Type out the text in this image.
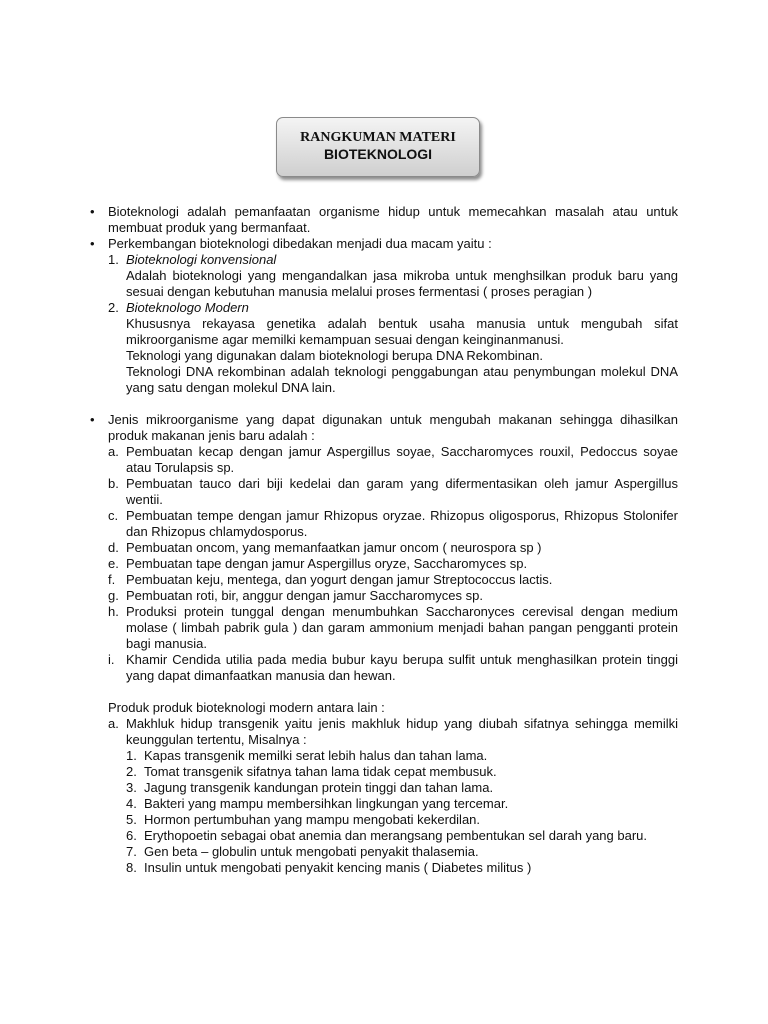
RANGKUMAN MATERI
BIOTEKNOLOGI
• Bioteknologi adalah pemanfaatan organisme hidup untuk memecahkan masalah atau untuk membuat produk yang bermanfaat.
• Perkembangan bioteknologi dibedakan menjadi dua macam yaitu :
1. Bioteknologi konvensional
Adalah bioteknologi yang mengandalkan jasa mikroba untuk menghsilkan produk baru yang sesuai dengan kebutuhan manusia melalui proses fermentasi ( proses peragian )
2. Bioteknologo Modern
Khususnya rekayasa genetika adalah bentuk usaha manusia untuk mengubah sifat mikroorganisme agar memilki kemampuan sesuai dengan keinginanmanusi.
Teknologi yang digunakan dalam bioteknologi berupa DNA Rekombinan.
Teknologi DNA rekombinan adalah teknologi penggabungan atau penymbungan molekul DNA yang satu dengan molekul DNA lain.
• Jenis mikroorganisme yang dapat digunakan untuk mengubah makanan sehingga dihasilkan produk makanan jenis baru adalah :
a. Pembuatan kecap dengan jamur Aspergillus soyae, Saccharomyces rouxil, Pedoccus soyae atau Torulapsis sp.
b. Pembuatan tauco dari biji kedelai dan garam yang difermentasikan oleh jamur Aspergillus wentii.
c. Pembuatan tempe dengan jamur Rhizopus oryzae. Rhizopus oligosporus, Rhizopus Stolonifer dan Rhizopus chlamydosporus.
d. Pembuatan oncom, yang memanfaatkan jamur oncom ( neurospora sp )
e. Pembuatan tape dengan jamur Aspergillus oryze, Saccharomyces sp.
f. Pembuatan keju, mentega, dan yogurt dengan jamur Streptococcus lactis.
g. Pembuatan roti, bir, anggur dengan jamur Saccharomyces sp.
h. Produksi protein tunggal dengan menumbuhkan Saccharonyces cerevisal dengan medium molase ( limbah pabrik gula ) dan garam ammonium menjadi bahan pangan pengganti protein bagi manusia.
i. Khamir Cendida utilia pada media bubur kayu berupa sulfit untuk menghasilkan protein tinggi yang dapat dimanfaatkan manusia dan hewan.
Produk produk bioteknologi modern antara lain :
a. Makhluk hidup transgenik yaitu jenis makhluk hidup yang diubah sifatnya sehingga memilki keunggulan tertentu, Misalnya :
1. Kapas transgenik memilki serat lebih halus dan tahan lama.
2. Tomat transgenik sifatnya tahan lama tidak cepat membusuk.
3. Jagung transgenik kandungan protein tinggi dan tahan lama.
4. Bakteri yang mampu membersihkan lingkungan yang tercemar.
5. Hormon pertumbuhan yang mampu mengobati kekerdilan.
6. Erythopoetin sebagai obat anemia dan merangsang pembentukan sel darah yang baru.
7. Gen beta – globulin untuk mengobati penyakit thalasemia.
8. Insulin untuk mengobati penyakit kencing manis ( Diabetes militus )
